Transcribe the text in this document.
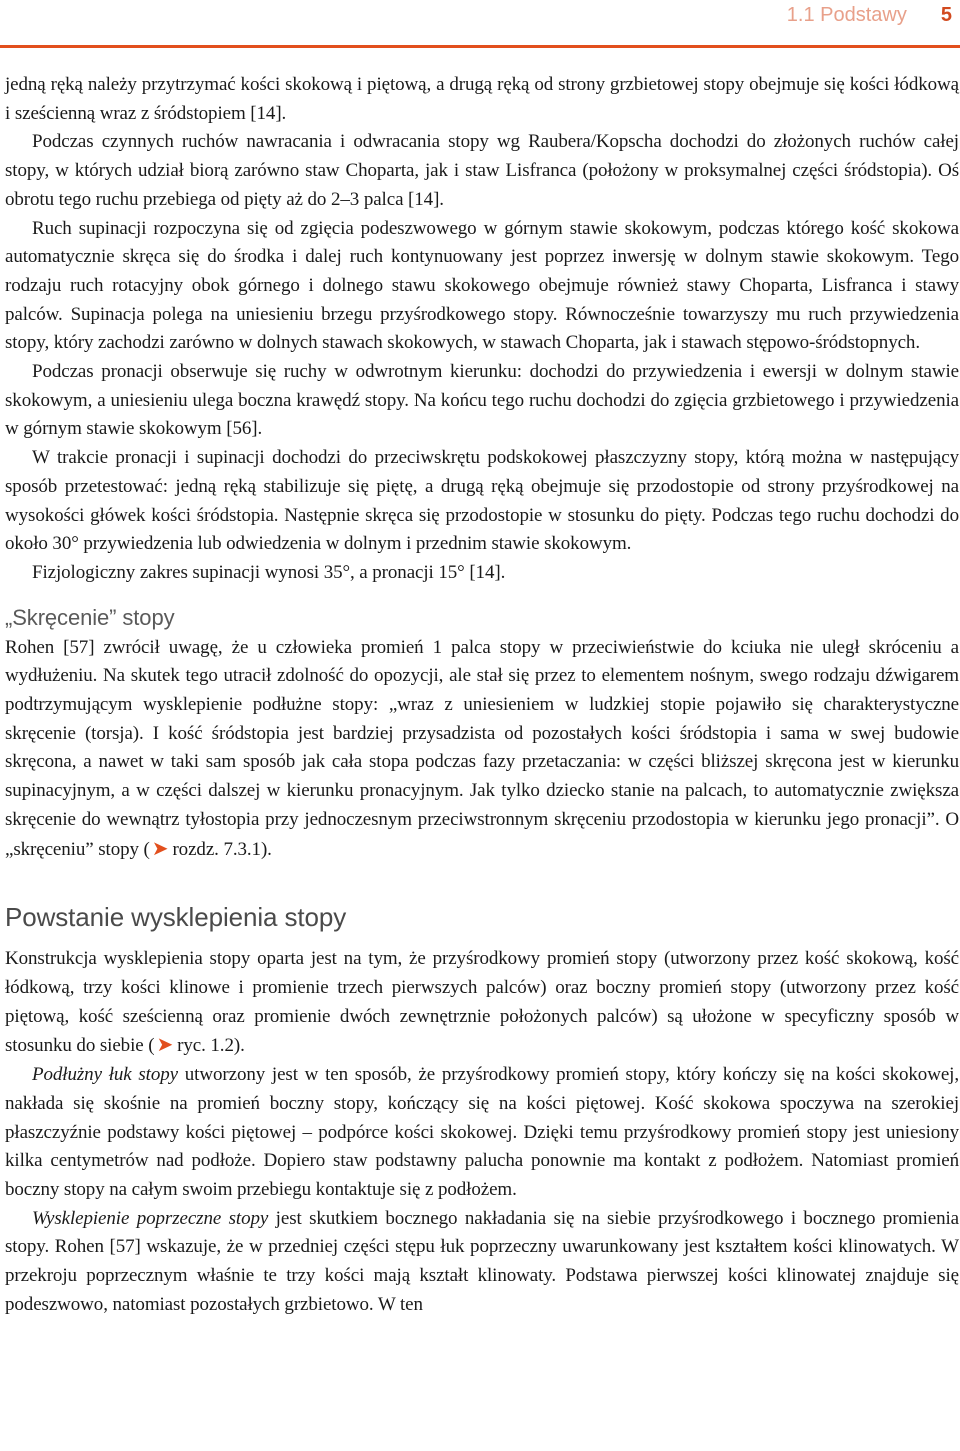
1.1 Podstawy 5

jedną ręką należy przytrzymać kości skokową i piętową, a drugą ręką od strony grzbietowej stopy obejmuje się kości łódkową i sześcienną wraz z śródstopiem [14].

Podczas czynnych ruchów nawracania i odwracania stopy wg Raubera/Kopscha dochodzi do złożonych ruchów całej stopy, w których udział biorą zarówno staw Choparta, jak i staw Lisfranca (położony w proksymalnej części śródstopia). Oś obrotu tego ruchu przebiega od pięty aż do 2–3 palca [14].

Ruch supinacji rozpoczyna się od zgięcia podeszwowego w górnym stawie skokowym, podczas którego kość skokowa automatycznie skręca się do środka i dalej ruch kontynuowany jest poprzez inwersję w dolnym stawie skokowym. Tego rodzaju ruch rotacyjny obok górnego i dolnego stawu skokowego obejmuje również stawy Choparta, Lisfranca i stawy palców. Supinacja polega na uniesieniu brzegu przyśrodkowego stopy. Równocześnie towarzyszy mu ruch przywiedzenia stopy, który zachodzi zarówno w dolnych stawach skokowych, w stawach Choparta, jak i stawach stępowo-śródstopnych.

Podczas pronacji obserwuje się ruchy w odwrotnym kierunku: dochodzi do przywiedzenia i ewersji w dolnym stawie skokowym, a uniesieniu ulega boczna krawędź stopy. Na końcu tego ruchu dochodzi do zgięcia grzbietowego i przywiedzenia w górnym stawie skokowym [56].

W trakcie pronacji i supinacji dochodzi do przeciwskrętu podskokowej płaszczyzny stopy, którą można w następujący sposób przetestować: jedną ręką stabilizuje się piętę, a drugą ręką obejmuje się przodostopie od strony przyśrodkowej na wysokości główek kości śródstopia. Następnie skręca się przodostopie w stosunku do pięty. Podczas tego ruchu dochodzi do około 30° przywiedzenia lub odwiedzenia w dolnym i przednim stawie skokowym.

Fizjologiczny zakres supinacji wynosi 35°, a pronacji 15° [14].

„Skręcenie” stopy

Rohen [57] zwrócił uwagę, że u człowieka promień 1 palca stopy w przeciwieństwie do kciuka nie uległ skróceniu a wydłużeniu. Na skutek tego utracił zdolność do opozycji, ale stał się przez to elementem nośnym, swego rodzaju dźwigarem podtrzymującym wysklepienie podłużne stopy: „wraz z uniesieniem w ludzkiej stopie pojawiło się charakterystyczne skręcenie (torsja). I kość śródstopia jest bardziej przysadzista od pozostałych kości śródstopia i sama w swej budowie skręcona, a nawet w taki sam sposób jak cała stopa podczas fazy przetaczania: w części bliższej skręcona jest w kierunku supinacyjnym, a w części dalszej w kierunku pronacyjnym. Jak tylko dziecko stanie na palcach, to automatycznie zwiększa skręcenie do wewnątrz tyłostopia przy jednoczesnym przeciwstronnym skręceniu przodostopia w kierunku jego pronacji”. O „skręceniu” stopy ( ➤ rozdz. 7.3.1).

Powstanie wysklepienia stopy

Konstrukcja wysklepienia stopy oparta jest na tym, że przyśrodkowy promień stopy (utworzony przez kość skokową, kość łódkową, trzy kości klinowe i promienie trzech pierwszych palców) oraz boczny promień stopy (utworzony przez kość piętową, kość sześcienną oraz promienie dwóch zewnętrznie położonych palców) są ułożone w specyficzny sposób w stosunku do siebie ( ➤ ryc. 1.2).

Podłużny łuk stopy utworzony jest w ten sposób, że przyśrodkowy promień stopy, który kończy się na kości skokowej, nakłada się skośnie na promień boczny stopy, kończący się na kości piętowej. Kość skokowa spoczywa na szerokiej płaszczyźnie podstawy kości piętowej – podpórce kości skokowej. Dzięki temu przyśrodkowy promień stopy jest uniesiony kilka centymetrów nad podłoże. Dopiero staw podstawny palucha ponownie ma kontakt z podłożem. Natomiast promień boczny stopy na całym swoim przebiegu kontaktuje się z podłożem.

Wysklepienie poprzeczne stopy jest skutkiem bocznego nakładania się na siebie przyśrodkowego i bocznego promienia stopy. Rohen [57] wskazuje, że w przedniej części stępu łuk poprzeczny uwarunkowany jest kształtem kości klinowatych. W przekroju poprzecznym właśnie te trzy kości mają kształt klinowaty. Podstawa pierwszej kości klinowatej znajduje się podeszwowo, natomiast pozostałych grzbietowo. W ten
